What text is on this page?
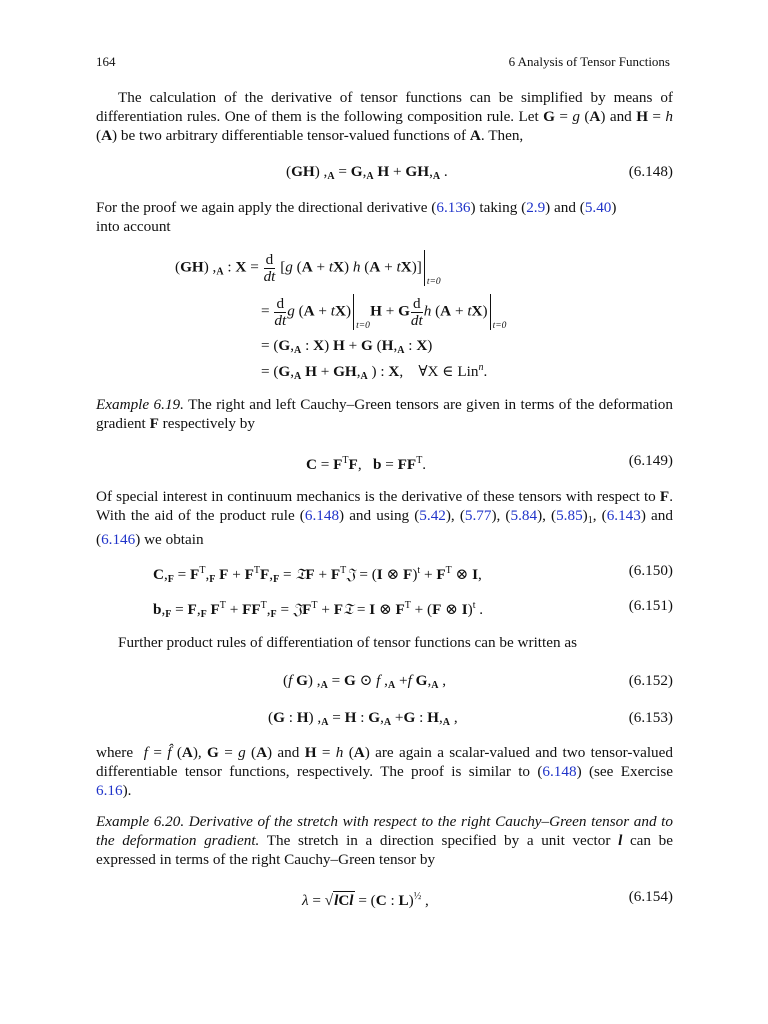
164	6 Analysis of Tensor Functions
The calculation of the derivative of tensor functions can be simplified by means of differentiation rules. One of them is the following composition rule. Let G = g (A) and H = h (A) be two arbitrary differentiable tensor-valued functions of A. Then,
(GH) $,_A = G,_A$ $H + GH,_A$ .	(6.148)
For the proof we again apply the directional derivative (6.136) taking (2.9) and (5.40)
into account
(GH) $,_A$ : $X = \frac{d}{dt} [g$ (A + tX) h (A + tX)]
t=0
= $\frac{d}{dt}$ g (A + tX)
t=0
H + G $\frac{d}{dt}$ h (A + tX)
t=0
= ($G,_A$ : X) H + G ($H,_A$ : X)
= ($G,_A$ $H + GH,_A$ ) : X,    ∀X ∈ Lin$^n$.
Example 6.19. The right and left Cauchy–Green tensors are given in terms of the deformation gradient F respectively by
$C = F^TF$,   $b = FF^T$.	(6.149)
Of special interest in continuum mechanics is the derivative of these tensors with respect to F. With the aid of the product rule (6.148) and using (5.42), (5.77), (5.84), $(5.85)_1$, (6.143) and (6.146) we obtain
$C,_F = F^T,_F$ $F + F^TF,_F$ = 𝔗F + $F^T𝔍 = (I$ ⊗ $F)^t + F^T$ ⊗ I,	(6.150)
$b,_F = F,_F$ $F^T + FF^T,_F$ = 𝔍F$^T$ + F𝔗 = I ⊗ $F^T + (F$ ⊗ I)$^t$ .	(6.151)
Further product rules of differentiation of tensor functions can be written as
(f G) $,_A = G$ ⊙ f $,_A +f$ $G,_A$ ,	(6.152)
(G : H) $,_A = H$ : $G,_A +G$ : $H,_A$ ,	(6.153)
where f = f̂ (A), G = g (A) and H = h (A) are again a scalar-valued and two tensor-valued differentiable tensor functions, respectively. The proof is similar to (6.148) (see Exercise 6.16).
Example 6.20. Derivative of the stretch with respect to the right Cauchy–Green tensor and to the deformation gradient. The stretch in a direction specified by a unit vector l can be expressed in terms of the right Cauchy–Green tensor by
λ = √lCl = (C : L)$^{\frac{1}{2}}$ ,	(6.154)
